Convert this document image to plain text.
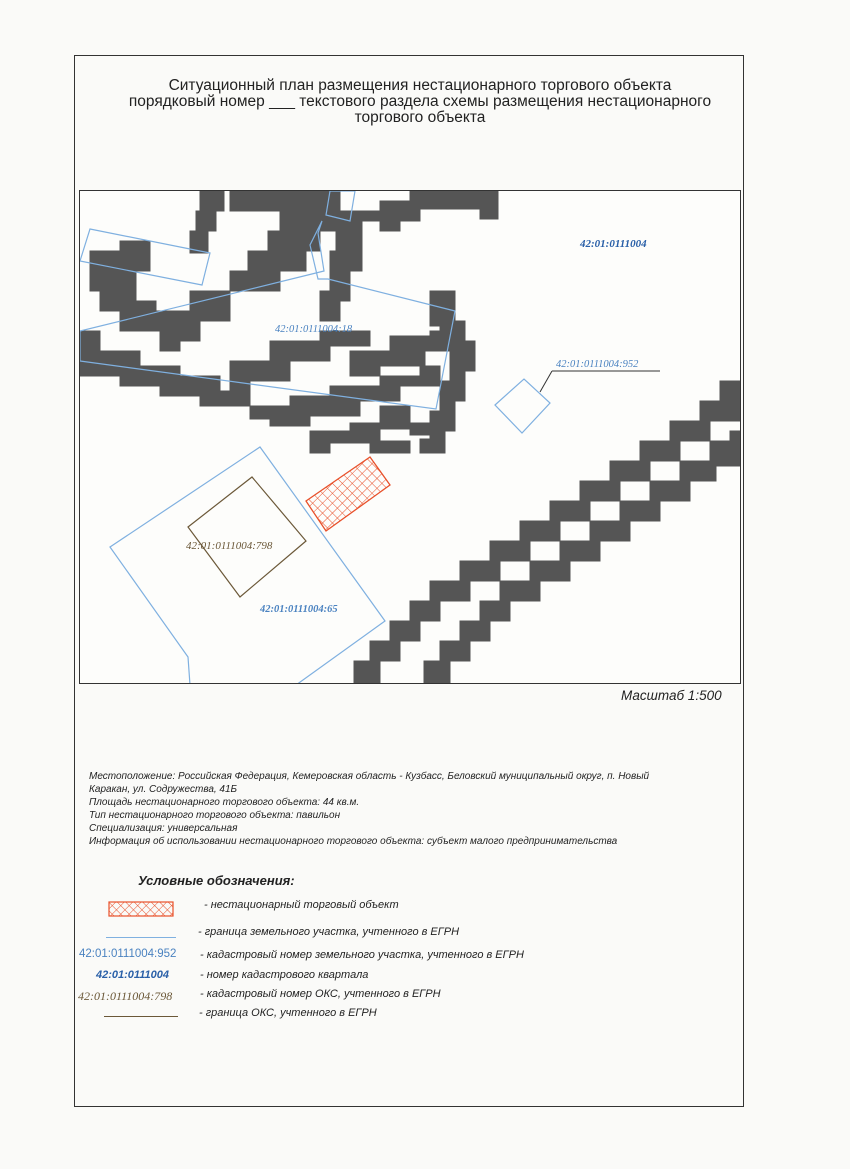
Ситуационный план размещения нестационарного торгового объекта
порядковый номер ___ текстового раздела схемы размещения нестационарного
торгового объекта
42:01:0111004
42:01:0111004:18
42:01:0111004:952
42:01:0111004:798
42:01:0111004:65
Масштаб 1:500
Местоположение: Российская Федерация, Кемеровская область - Кузбасс, Беловский муниципальный округ, п. Новый
Каракан, ул. Содружества, 41Б
Площадь нестационарного торгового объекта: 44 кв.м.
Тип нестационарного торгового объекта: павильон
Специализация: универсальная
Информация об использовании нестационарного торгового объекта: субъект малого предпринимательства
Условные обозначения:
42:01:0111004:952
42:01:0111004
42:01:0111004:798
- нестационарный торговый объект
- граница земельного участка, учтенного в ЕГРН
- кадастровый номер земельного участка, учтенного в ЕГРН
- номер кадастрового квартала
- кадастровый номер ОКС, учтенного в ЕГРН
- граница ОКС, учтенного в ЕГРН
